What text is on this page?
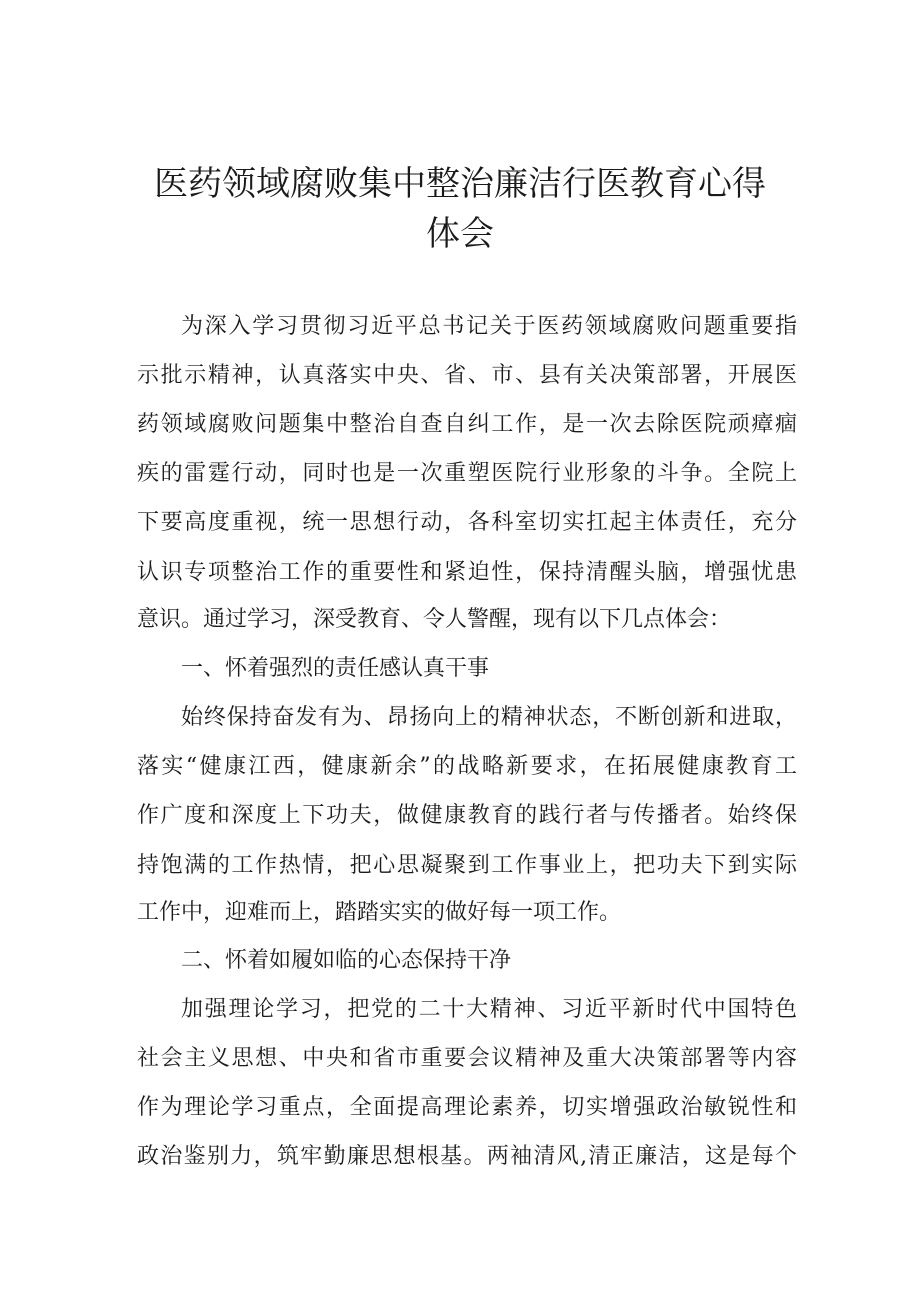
医药领域腐败集中整治廉洁行医教育心得
体会
为深入学习贯彻习近平总书记关于医药领域腐败问题重要指
示批示精神，认真落实中央、省、市、县有关决策部署，开展医
药领域腐败问题集中整治自查自纠工作，是一次去除医院顽瘴痼
疾的雷霆行动，同时也是一次重塑医院行业形象的斗争。全院上
下要高度重视，统一思想行动，各科室切实扛起主体责任，充分
认识专项整治工作的重要性和紧迫性，保持清醒头脑，增强忧患
意识。通过学习，深受教育、令人警醒，现有以下几点体会：
一、怀着强烈的责任感认真干事
始终保持奋发有为、昂扬向上的精神状态，不断创新和进取，
落实“健康江西，健康新余”的战略新要求，在拓展健康教育工
作广度和深度上下功夫，做健康教育的践行者与传播者。始终保
持饱满的工作热情，把心思凝聚到工作事业上，把功夫下到实际
工作中，迎难而上，踏踏实实的做好每一项工作。
二、怀着如履如临的心态保持干净
加强理论学习，把党的二十大精神、习近平新时代中国特色
社会主义思想、中央和省市重要会议精神及重大决策部署等内容
作为理论学习重点，全面提高理论素养，切实增强政治敏锐性和
政治鉴别力，筑牢勤廉思想根基。两袖清风,清正廉洁，这是每个
